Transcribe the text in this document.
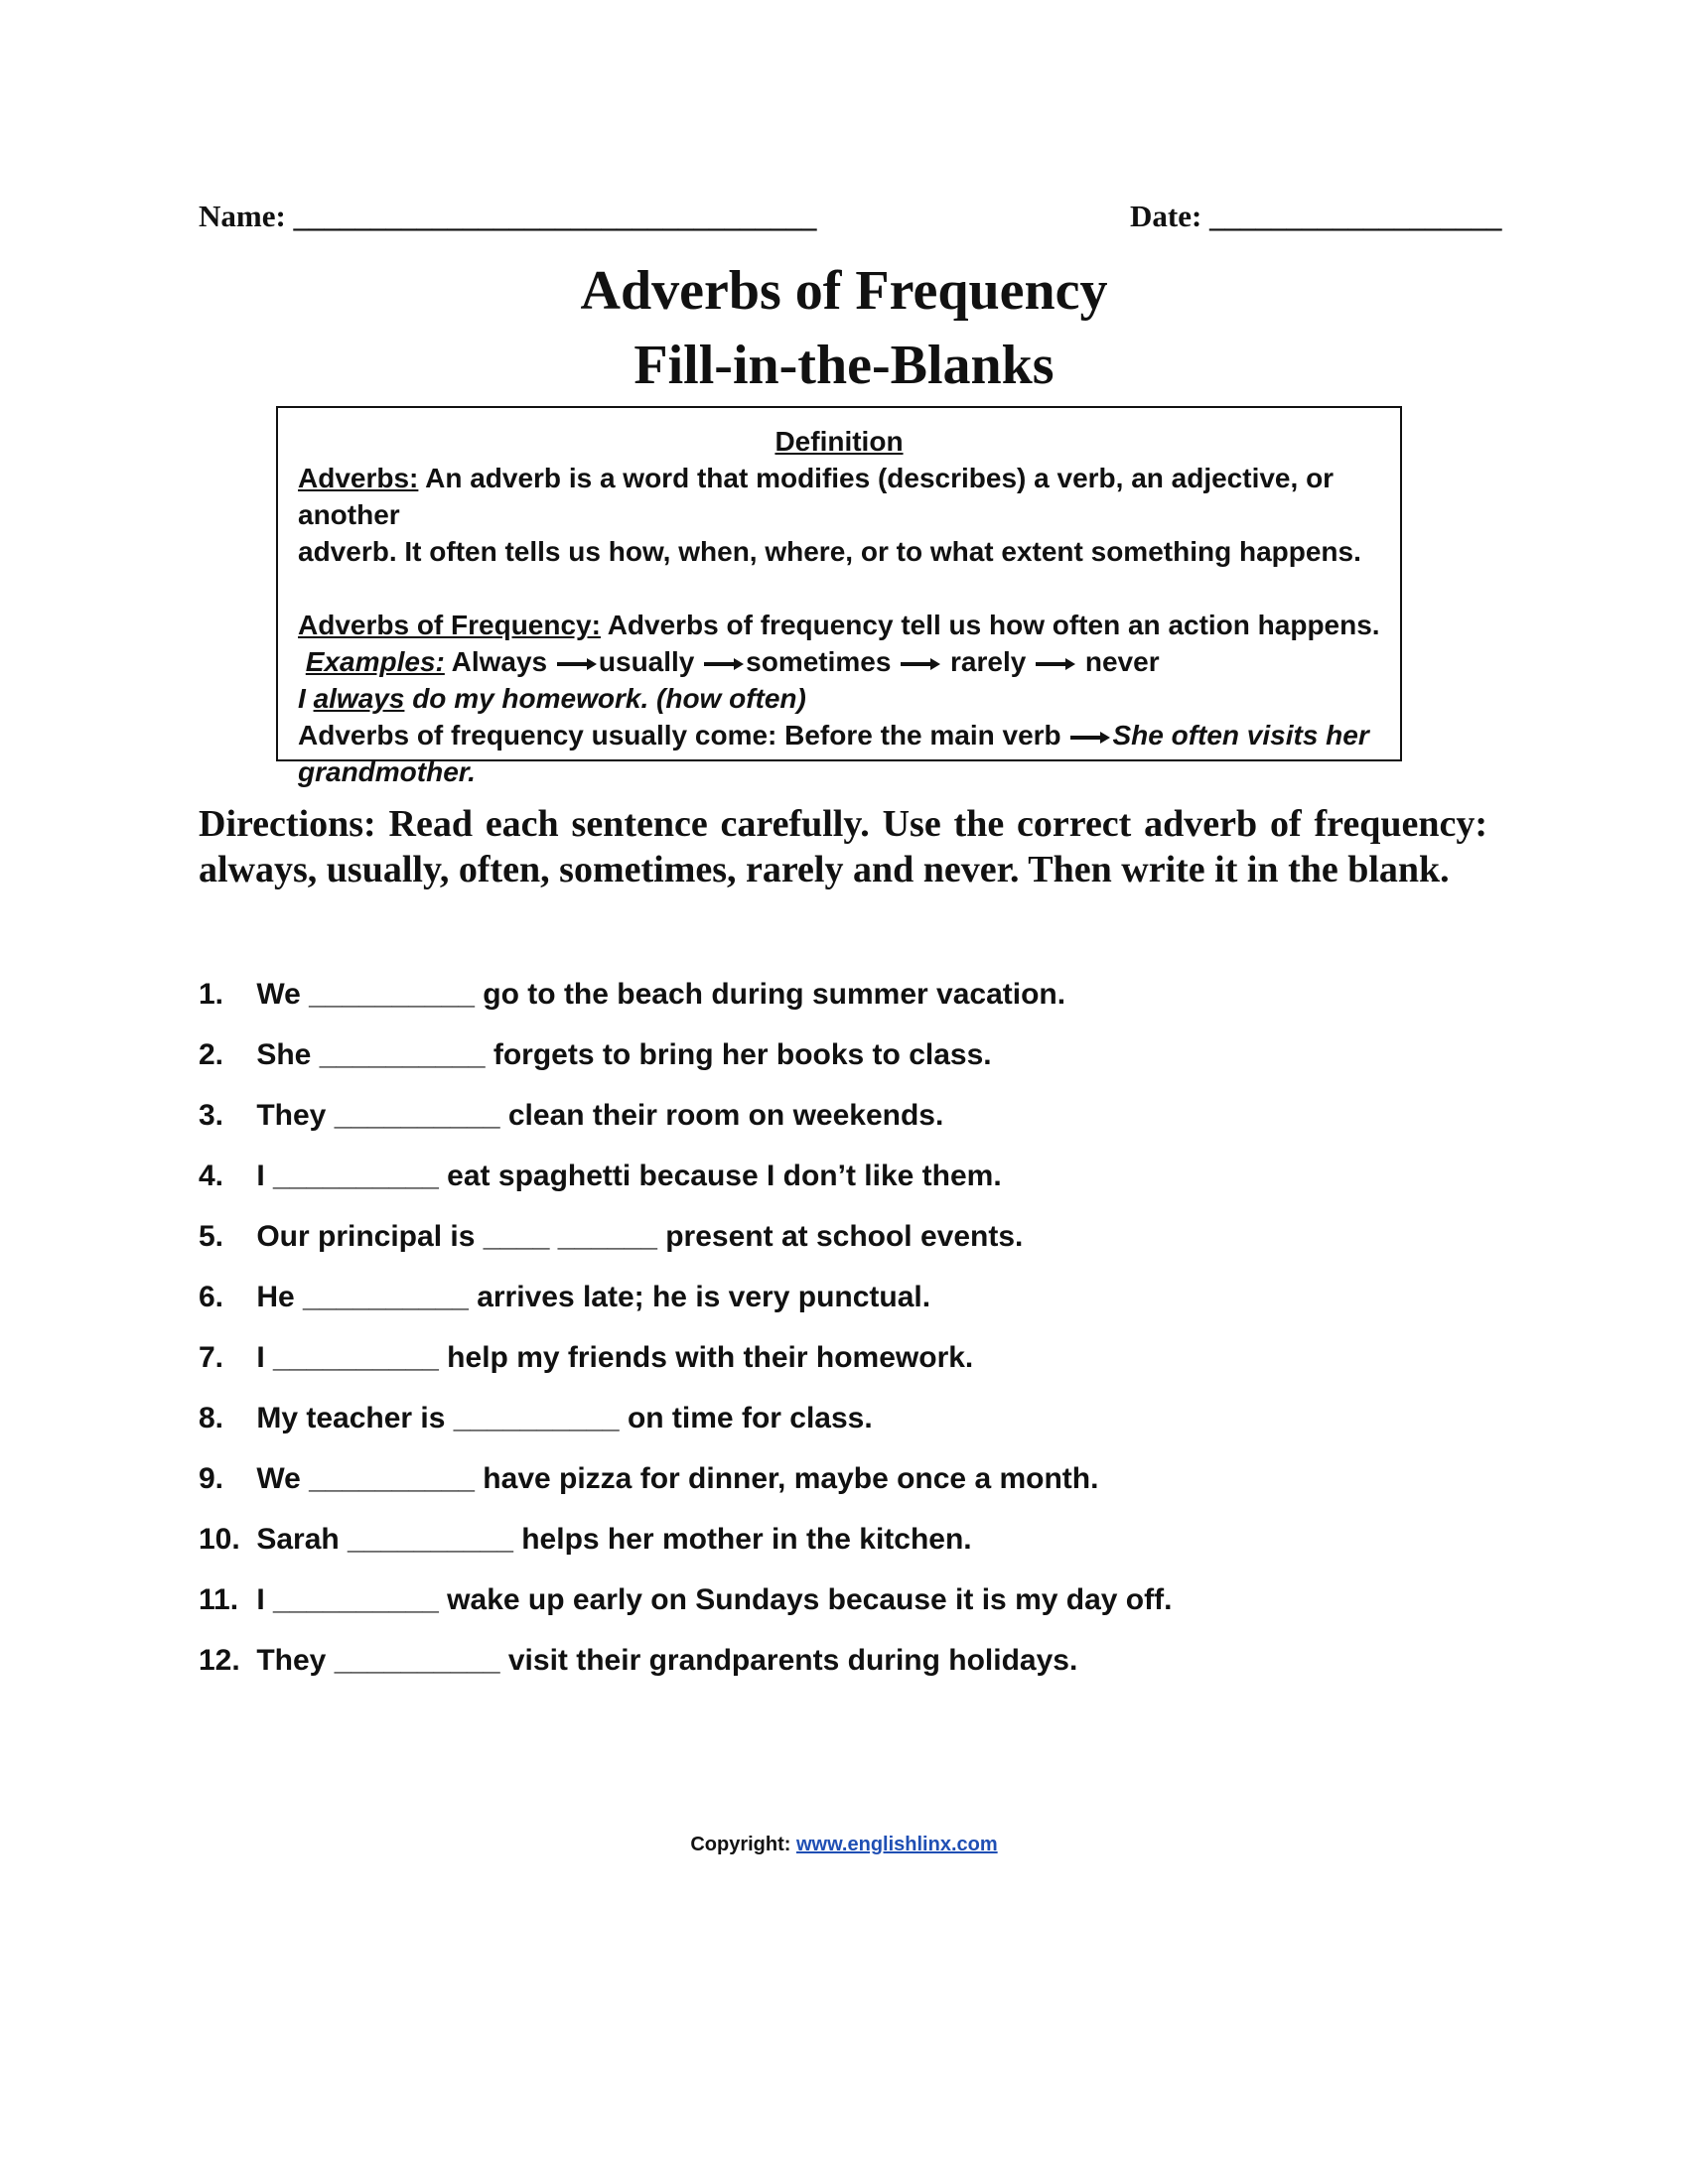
Name: __________________________________	Date: ___________________
Adverbs of Frequency
Fill-in-the-Blanks

Definition

Adverbs: An adverb is a word that modifies (describes) a verb, an adjective, or another

adverb. It often tells us how, when, where, or to what extent something happens.

Adverbs of Frequency: Adverbs of frequency tell us how often an action happens.

Examples: Always usually sometimes rarely never

I always do my homework. (how often)

Adverbs of frequency usually come: Before the main verb She often visits her

grandmother.

Directions: Read each sentence carefully. Use the correct adverb of frequency: always, usually, often, sometimes, rarely and never. Then write it in the blank.

1. We __________ go to the beach during summer vacation.
2. She __________ forgets to bring her books to class.
3. They __________ clean their room on weekends.
4. I __________ eat spaghetti because I don’t like them.
5. Our principal is ____ ______ present at school events.
6. He __________ arrives late; he is very punctual.
7. I __________ help my friends with their homework.
8. My teacher is __________ on time for class.
9. We __________ have pizza for dinner, maybe once a month.
10. Sarah __________ helps her mother in the kitchen.
11. I __________ wake up early on Sundays because it is my day off.
12. They __________ visit their grandparents during holidays.
Copyright: www.englishlinx.com
